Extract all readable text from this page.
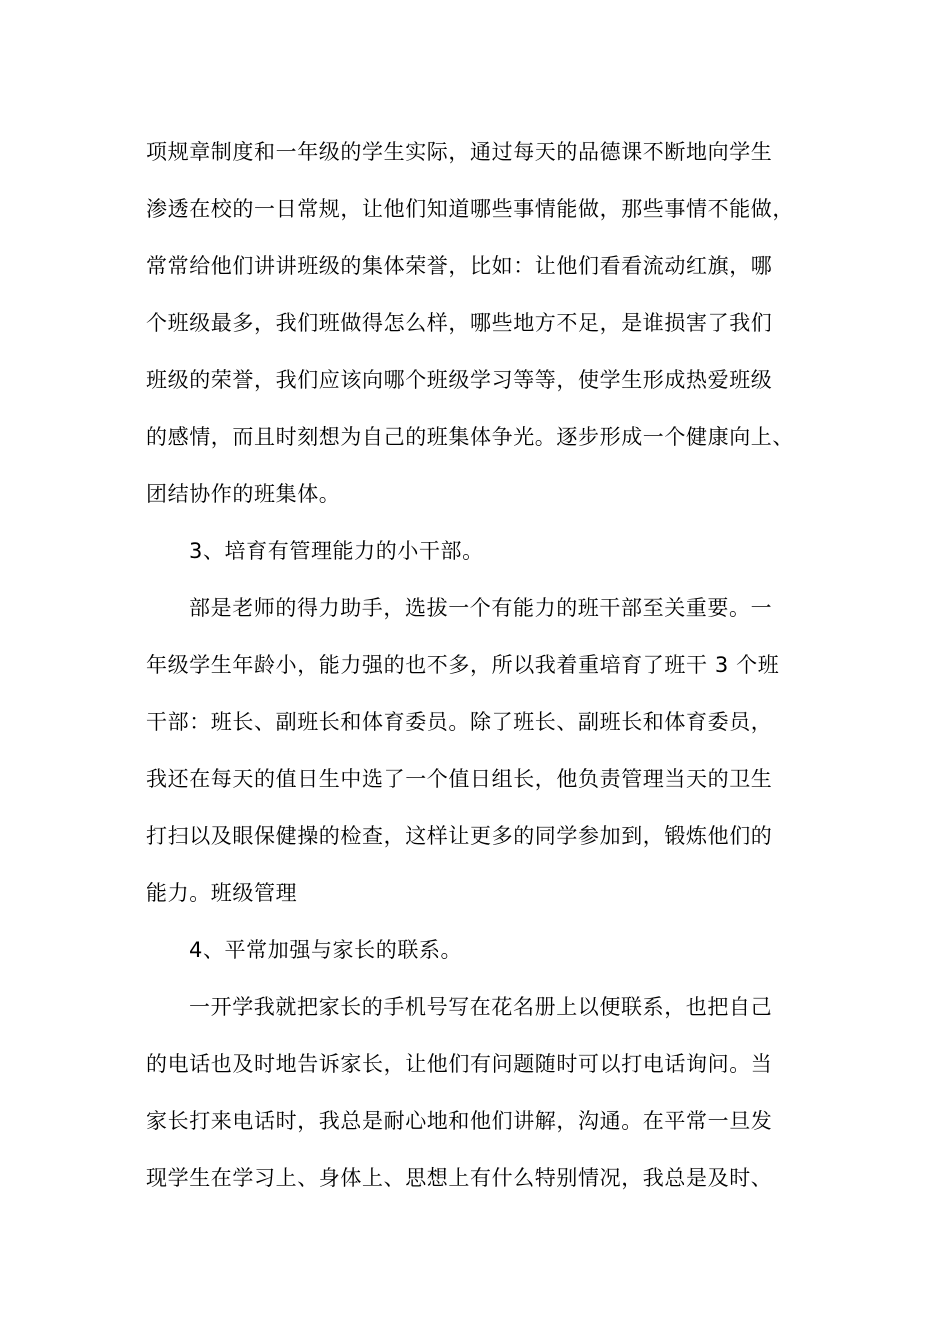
项规章制度和一年级的学生实际，通过每天的品德课不断地向学生
渗透在校的一日常规，让他们知道哪些事情能做，那些事情不能做，
常常给他们讲讲班级的集体荣誉，比如：让他们看看流动红旗，哪
个班级最多，我们班做得怎么样，哪些地方不足，是谁损害了我们
班级的荣誉，我们应该向哪个班级学习等等，使学生形成热爱班级
的感情，而且时刻想为自己的班集体争光。逐步形成一个健康向上、
团结协作的班集体。
3、培育有管理能力的小干部。
部是老师的得力助手，选拔一个有能力的班干部至关重要。一
年级学生年龄小，能力强的也不多，所以我着重培育了班干 3 个班
干部：班长、副班长和体育委员。除了班长、副班长和体育委员，
我还在每天的值日生中选了一个值日组长，他负责管理当天的卫生
打扫以及眼保健操的检查，这样让更多的同学参加到，锻炼他们的
能力。班级管理
4、平常加强与家长的联系。
一开学我就把家长的手机号写在花名册上以便联系，也把自己
的电话也及时地告诉家长，让他们有问题随时可以打电话询问。当
家长打来电话时，我总是耐心地和他们讲解，沟通。在平常一旦发
现学生在学习上、身体上、思想上有什么特别情况，我总是及时、
